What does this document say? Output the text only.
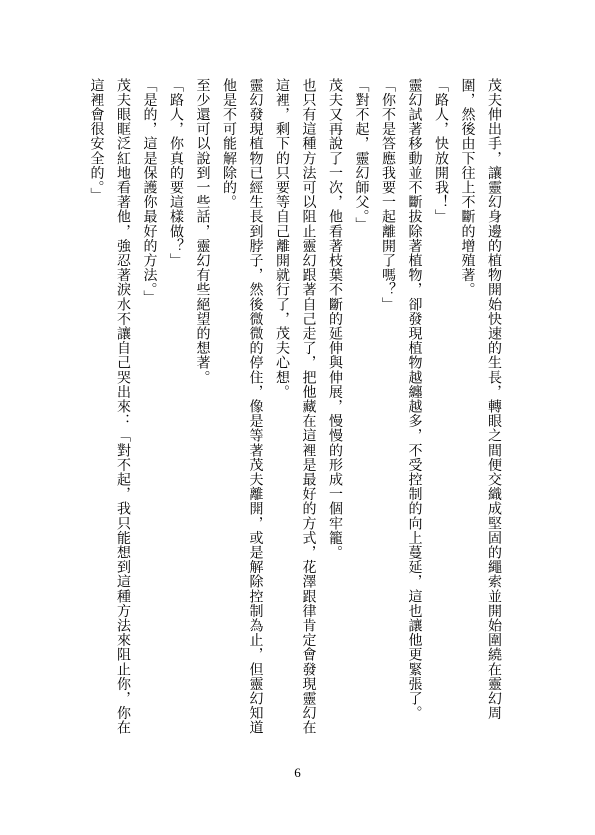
茂夫伸出手，讓靈幻身邊的植物開始快速的生長，轉眼之間便交織成堅固的繩索並開始圍繞在靈幻周圍，然後由下往上不斷的增殖著。

「路人，快放開我！」

靈幻試著移動並不斷拔除著植物，卻發現植物越纏越多，不受控制的向上蔓延，這也讓他更緊張了。

「你不是答應我要一起離開了嗎？」

「對不起，靈幻師父。」

茂夫又再說了一次，他看著枝葉不斷的延伸與伸展，慢慢的形成一個牢籠。

也只有這種方法可以阻止靈幻跟著自己走了，把他藏在這裡是最好的方式，花澤跟律肯定會發現靈幻在這裡，剩下的只要等自己離開就行了，茂夫心想。

靈幻發現植物已經生長到脖子，然後微微的停住，像是等著茂夫離開，或是解除控制為止，但靈幻知道他是不可能解除的。

至少還可以說到一些話，靈幻有些絕望的想著。

「路人，你真的要這樣做？」

「是的，這是保護你最好的方法。」

茂夫眼眶泛紅地看著他，強忍著淚水不讓自己哭出來：「對不起，我只能想到這種方法來阻止你，你在這裡會很安全的。」

6
